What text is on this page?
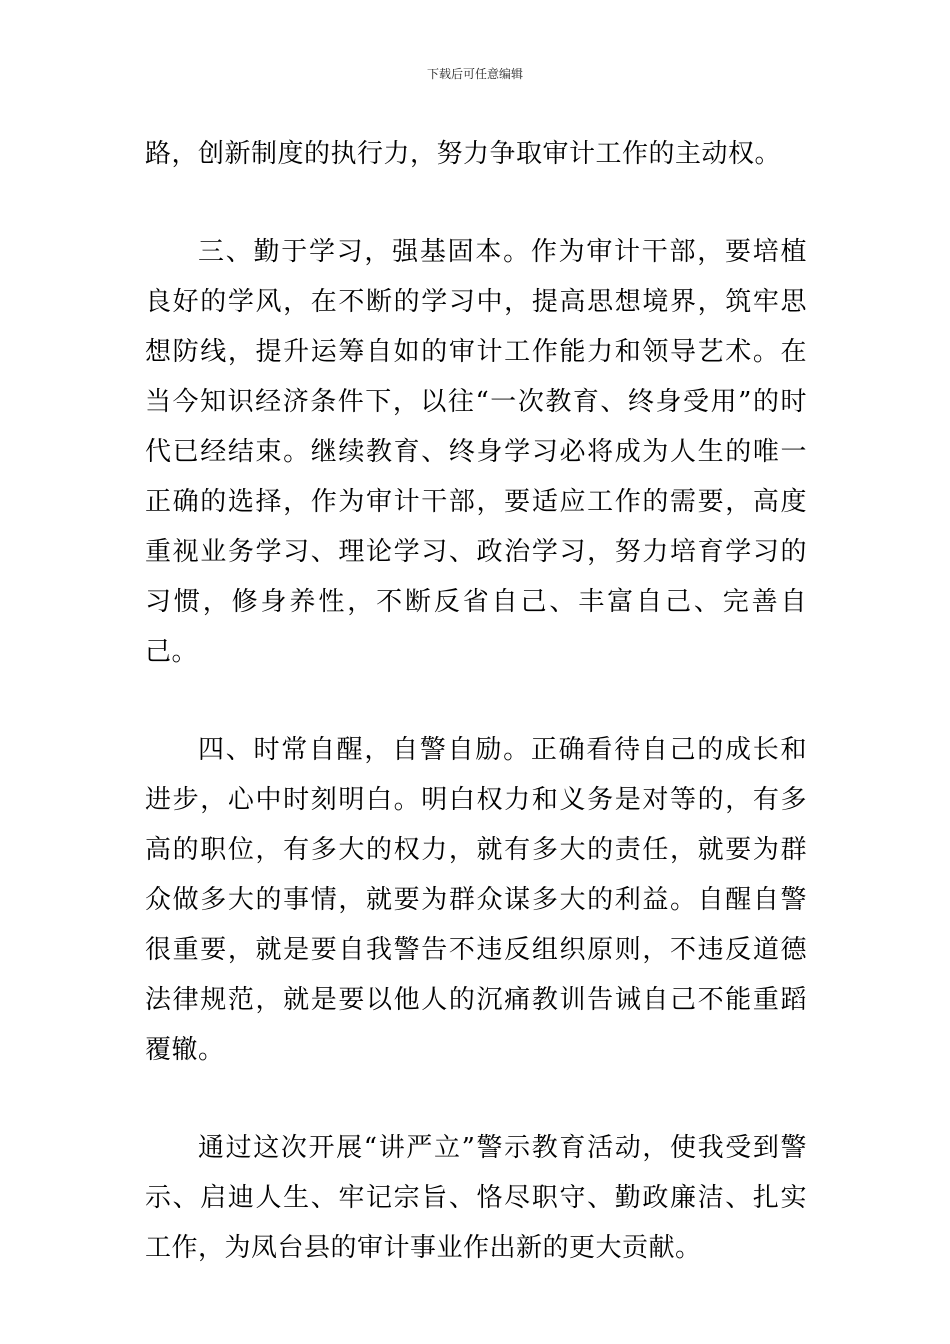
下载后可任意编辑

路，创新制度的执行力，努力争取审计工作的主动权。

三、勤于学习，强基固本。作为审计干部，要培植良好的学风，在不断的学习中，提高思想境界，筑牢思想防线，提升运筹自如的审计工作能力和领导艺术。在当今知识经济条件下，以往“一次教育、终身受用”的时代已经结束。继续教育、终身学习必将成为人生的唯一正确的选择，作为审计干部，要适应工作的需要，高度重视业务学习、理论学习、政治学习，努力培育学习的习惯，修身养性，不断反省自己、丰富自己、完善自己。

四、时常自醒，自警自励。正确看待自己的成长和进步，心中时刻明白。明白权力和义务是对等的，有多高的职位，有多大的权力，就有多大的责任，就要为群众做多大的事情，就要为群众谋多大的利益。自醒自警很重要，就是要自我警告不违反组织原则，不违反道德法律规范，就是要以他人的沉痛教训告诫自己不能重蹈覆辙。

通过这次开展“讲严立”警示教育活动，使我受到警示、启迪人生、牢记宗旨、恪尽职守、勤政廉洁、扎实工作，为凤台县的审计事业作出新的更大贡献。
